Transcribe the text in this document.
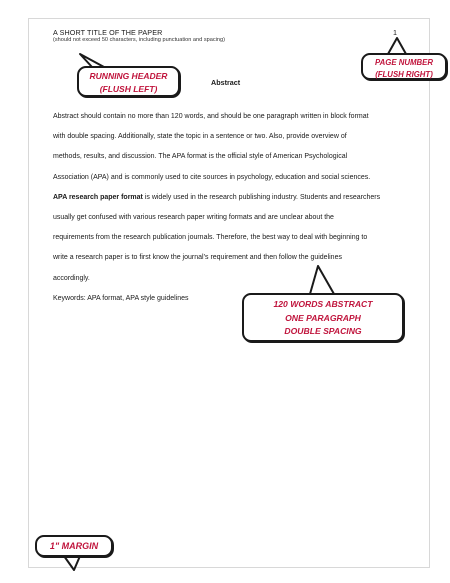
A SHORT TITLE OF THE PAPER
(should not exceed 50 characters, including punctuation and spacing)
1
Abstract
Abstract should contain no more than 120 words, and should be one paragraph written in block format
with double spacing. Additionally, state the topic in a sentence or two. Also, provide overview of
methods, results, and discussion. The APA format is the official style of American Psychological
Association (APA) and is commonly used to cite sources in psychology, education and social sciences.
APA research paper format is widely used in the research publishing industry. Students and researchers
usually get confused with various research paper writing formats and are unclear about the
requirements from the research publication journals. Therefore, the best way to deal with beginning to
write a research paper is to first know the journal’s requirement and then follow the guidelines
accordingly.
Keywords: APA format, APA style guidelines
RUNNING HEADER
(FLUSH LEFT)
PAGE NUMBER
(FLUSH RIGHT)
120 WORDS ABSTRACT
ONE PARAGRAPH
DOUBLE SPACING
1" MARGIN
